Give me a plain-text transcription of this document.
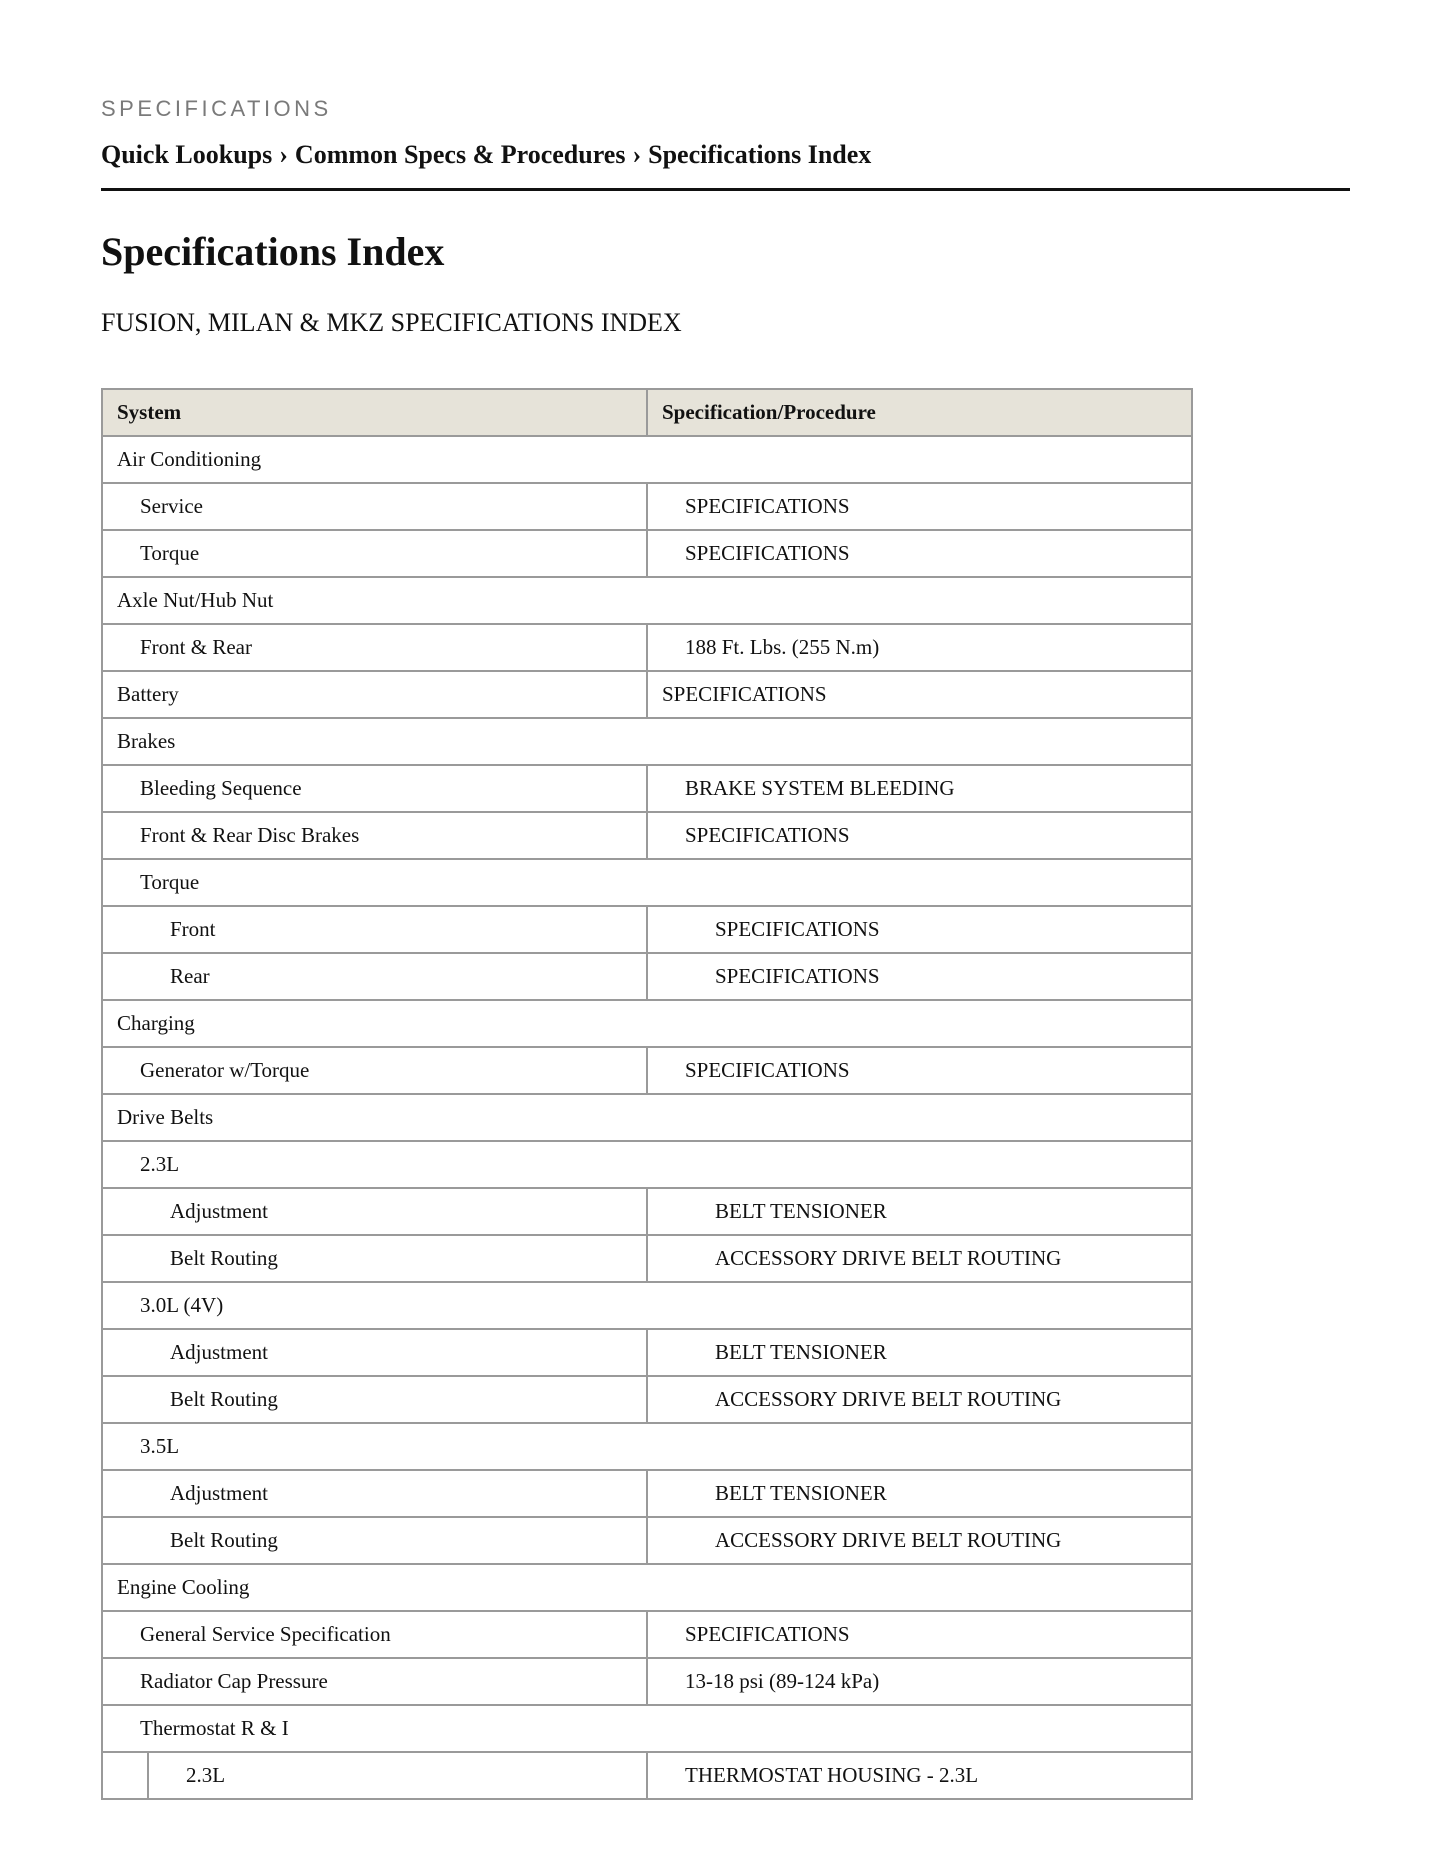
SPECIFICATIONS
Quick Lookups › Common Specs & Procedures › Specifications Index
Specifications Index
FUSION, MILAN & MKZ SPECIFICATIONS INDEX
System	Specification/Procedure
Air Conditioning	
Service	SPECIFICATIONS
Torque	SPECIFICATIONS
Axle Nut/Hub Nut	
Front & Rear	188 Ft. Lbs. (255 N.m)
Battery	SPECIFICATIONS
Brakes	
Bleeding Sequence	BRAKE SYSTEM BLEEDING
Front & Rear Disc Brakes	SPECIFICATIONS
Torque	
Front	SPECIFICATIONS
Rear	SPECIFICATIONS
Charging	
Generator w/Torque	SPECIFICATIONS
Drive Belts	
2.3L	
Adjustment	BELT TENSIONER
Belt Routing	ACCESSORY DRIVE BELT ROUTING
3.0L (4V)	
Adjustment	BELT TENSIONER
Belt Routing	ACCESSORY DRIVE BELT ROUTING
3.5L	
Adjustment	BELT TENSIONER
Belt Routing	ACCESSORY DRIVE BELT ROUTING
Engine Cooling	
General Service Specification	SPECIFICATIONS
Radiator Cap Pressure	13-18 psi (89-124 kPa)
Thermostat R & I	

2.3L	THERMOSTAT HOUSING - 2.3L
